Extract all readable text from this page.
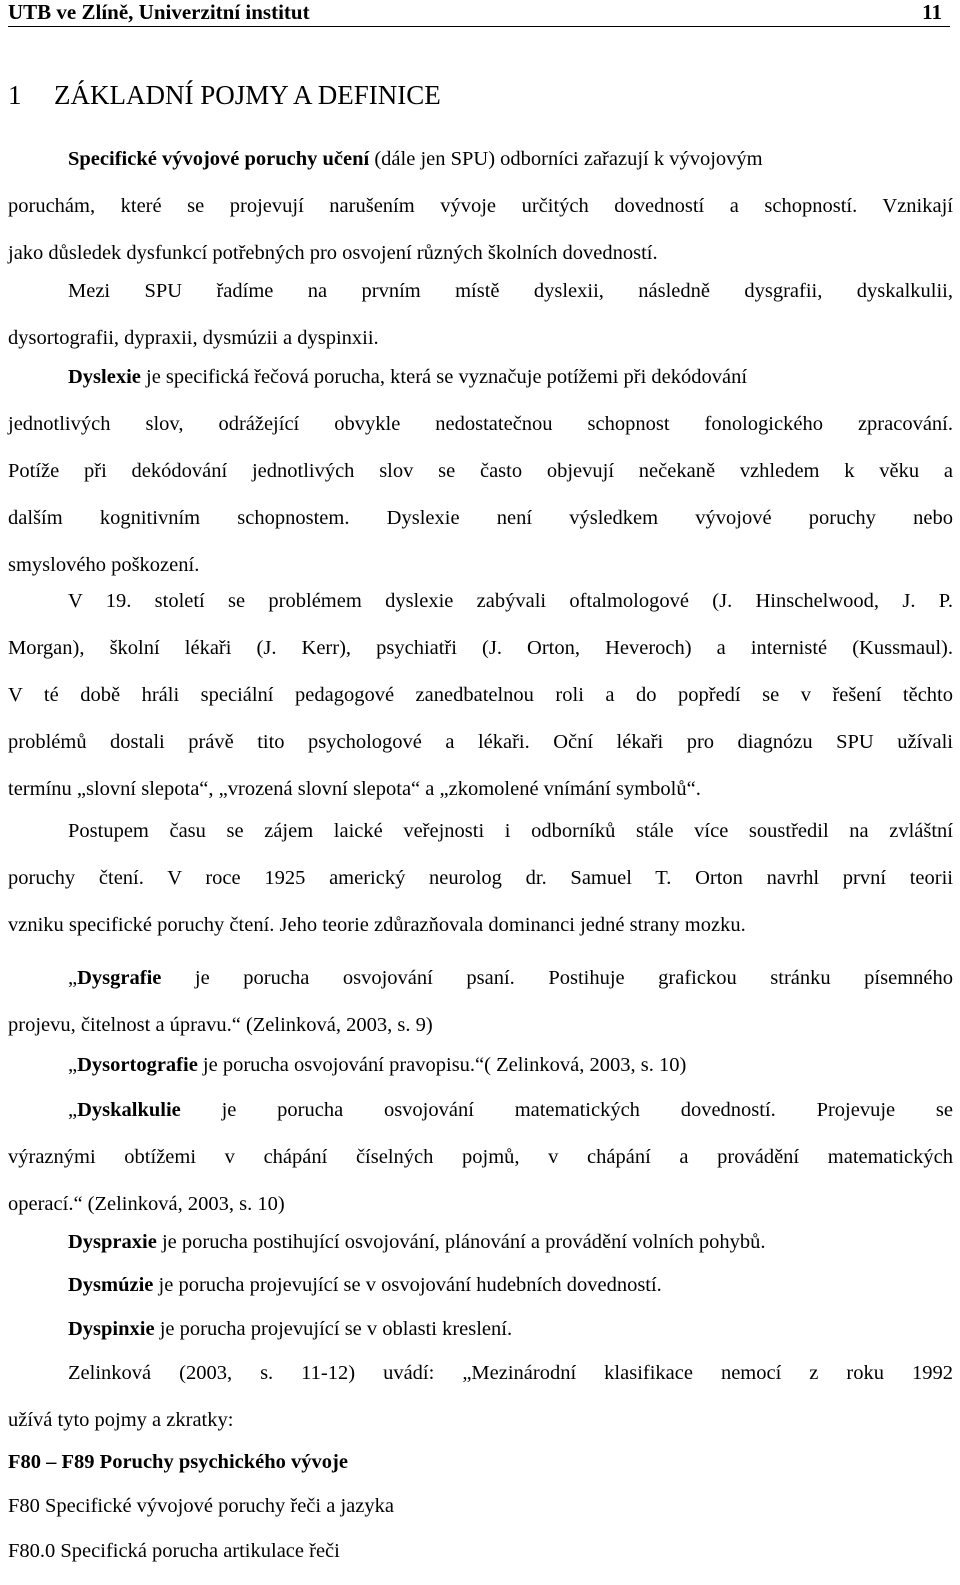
UTB ve Zlíně, Univerzitní institut	11
1 ZÁKLADNÍ POJMY A DEFINICE
Specifické vývojové poruchy učení (dále jen SPU) odborníci zařazují k vývojovým
poruchám, které se projevují narušením vývoje určitých dovedností a schopností. Vznikají
jako důsledek dysfunkcí potřebných pro osvojení různých školních dovedností.
Mezi SPU řadíme na prvním místě dyslexii, následně dysgrafii, dyskalkulii,
dysortografii, dypraxii, dysmúzii a dyspinxii.
Dyslexie je specifická řečová porucha, která se vyznačuje potížemi při dekódování
jednotlivých slov, odrážející obvykle nedostatečnou schopnost fonologického zpracování.
Potíže při dekódování jednotlivých slov se často objevují nečekaně vzhledem k věku a
dalším kognitivním schopnostem. Dyslexie není výsledkem vývojové poruchy nebo
smyslového poškození.
V 19. století se problémem dyslexie zabývali oftalmologové (J. Hinschelwood, J. P.
Morgan), školní lékaři (J. Kerr), psychiatři (J. Orton, Heveroch) a internisté (Kussmaul).
V té době hráli speciální pedagogové zanedbatelnou roli a do popředí se v řešení těchto
problémů dostali právě tito psychologové a lékaři. Oční lékaři pro diagnózu SPU užívali
termínu „slovní slepota“, „vrozená slovní slepota“ a „zkomolené vnímání symbolů“.
Postupem času se zájem laické veřejnosti i odborníků stále více soustředil na zvláštní
poruchy čtení. V roce 1925 americký neurolog dr. Samuel T. Orton navrhl první teorii
vzniku specifické poruchy čtení. Jeho teorie zdůrazňovala dominanci jedné strany mozku.
„Dysgrafie je porucha osvojování psaní. Postihuje grafickou stránku písemného
projevu, čitelnost a úpravu.“ (Zelinková, 2003, s. 9)
„Dysortografie je porucha osvojování pravopisu.“( Zelinková, 2003, s. 10)
„Dyskalkulie je porucha osvojování matematických dovedností. Projevuje se
výraznými obtížemi v chápání číselných pojmů, v chápání a provádění matematických
operací.“ (Zelinková, 2003, s. 10)
Dyspraxie je porucha postihující osvojování, plánování a provádění volních pohybů.
Dysmúzie je porucha projevující se v osvojování hudebních dovedností.
Dyspinxie je porucha projevující se v oblasti kreslení.
Zelinková (2003, s. 11-12) uvádí: „Mezinárodní klasifikace nemocí z roku 1992
užívá tyto pojmy a zkratky:
F80 – F89 Poruchy psychického vývoje
F80 Specifické vývojové poruchy řeči a jazyka
F80.0 Specifická porucha artikulace řeči
